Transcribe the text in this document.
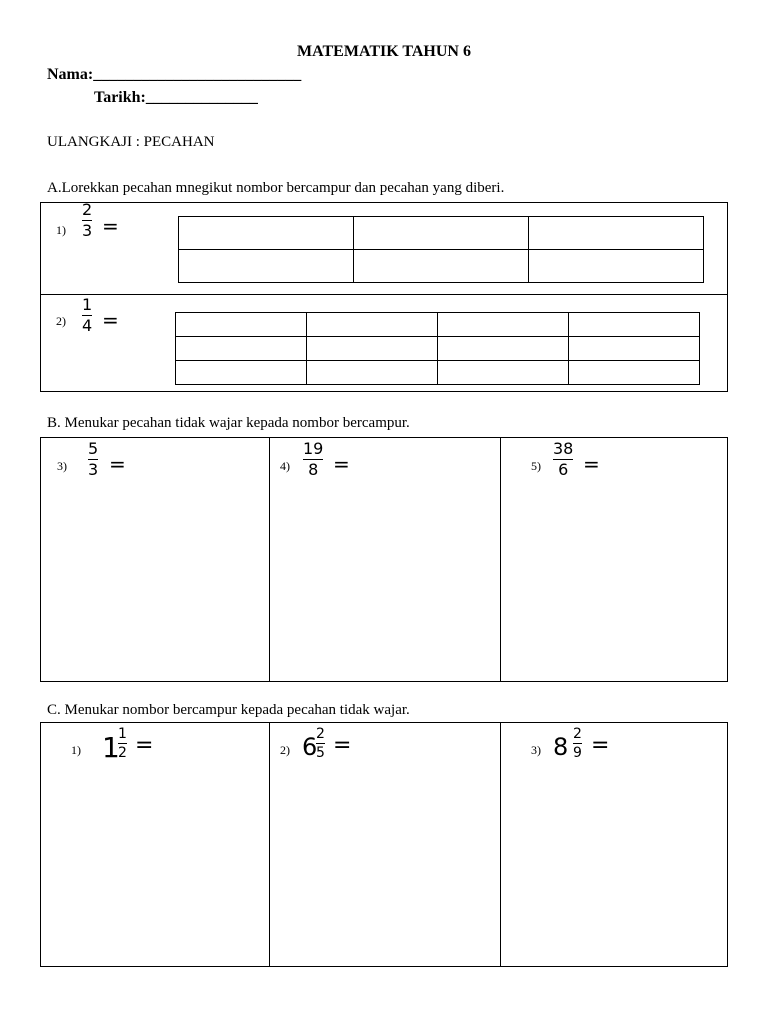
MATEMATIK TAHUN 6
Nama:__________________________
Tarikh:______________
ULANGKAJI : PECAHAN
A.Lorekkan pecahan mnegikut nombor bercampur dan pecahan yang diberi.
1)
2
3 =

2)
1
4 =

B. Menukar pecahan tidak wajar kepada nombor bercampur.
3)
5
3 =	4)
19
8 =	5)
38
6 =
C. Menukar nombor bercampur kepada pecahan tidak wajar.
1) 1
1
2 =	2) 6
2
5 =	3) 8 2
9 =
